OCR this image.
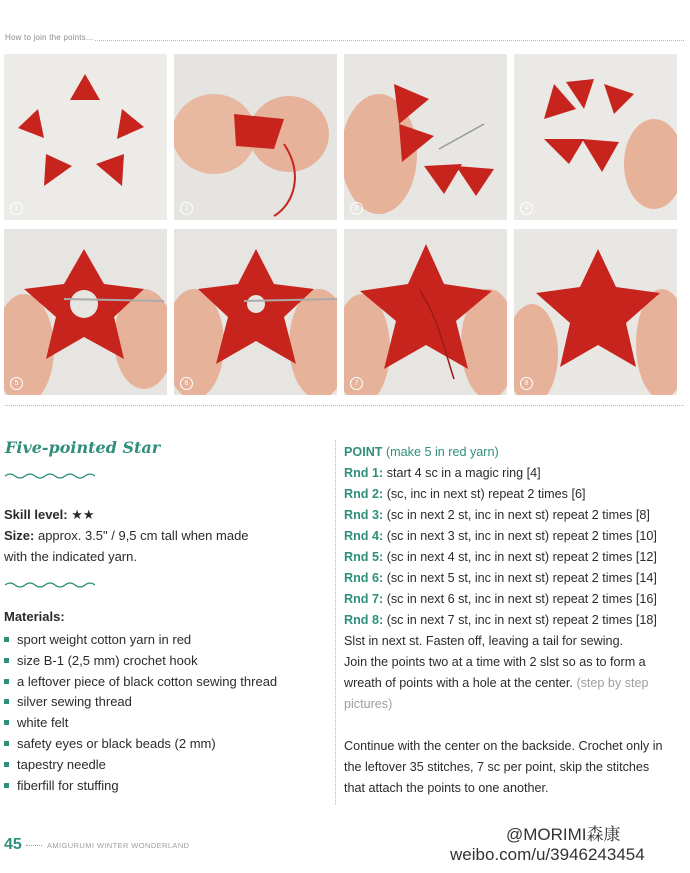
How to join the points...
1	2	3	4
5	6	7	8
Five-pointed Star
Skill level: ★★
Size: approx. 3.5" / 9,5 cm tall when made
with the indicated yarn.
Materials:
sport weight cotton yarn in red
size B-1 (2,5 mm) crochet hook
a leftover piece of black cotton sewing thread
silver sewing thread
white felt
safety eyes or black beads (2 mm)
tapestry needle
fiberfill for stuffing
POINT (make 5 in red yarn)
Rnd 1: start 4 sc in a magic ring [4]
Rnd 2: (sc, inc in next st) repeat 2 times [6]
Rnd 3: (sc in next 2 st, inc in next st) repeat 2 times [8]
Rnd 4: (sc in next 3 st, inc in next st) repeat 2 times [10]
Rnd 5: (sc in next 4 st, inc in next st) repeat 2 times [12]
Rnd 6: (sc in next 5 st, inc in next st) repeat 2 times [14]
Rnd 7: (sc in next 6 st, inc in next st) repeat 2 times [16]
Rnd 8: (sc in next 7 st, inc in next st) repeat 2 times [18]
Slst in next st. Fasten off, leaving a tail for sewing.
Join the points two at a time with 2 slst so as to form a
wreath of points with a hole at the center. (step by step
pictures)
Continue with the center on the backside. Crochet only in
the leftover 35 stitches, 7 sc per point, skip the stitches
that attach the points to one another.
45	AMIGURUMI WINTER WONDERLAND
@MORIMI森康
weibo.com/u/3946243454
